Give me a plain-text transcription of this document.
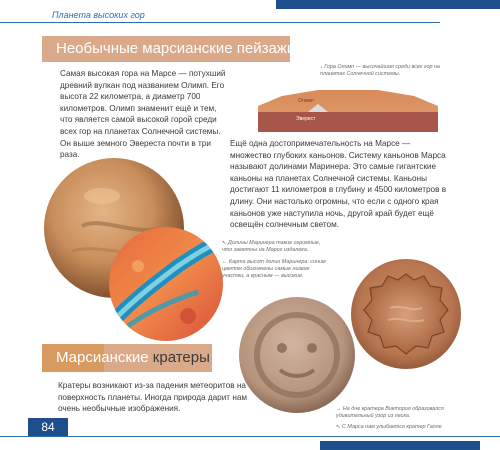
Планета высоких гор
Необычные марсианские пейзажи
Самая высокая гора на Марсе — потухший древний вулкан под названием Олимп. Его высота 22 километра, а диаметр 700 километров. Олимп знаменит ещё и тем, что является самой высокой горой среди всех гор на планетах Солнечной системы. Он выше земного Эвереста почти в три раза.
↓ Гора Олимп — высочайшая среди всех гор на планетах Солнечной системы.
Олимп
Эверест
Ещё одна достопримечательность на Марсе — множество глубоких каньонов. Систему каньонов Марса называют долинами Маринера. Это самые гигантские каньоны на планетах Солнечной системы. Каньоны достигают 11 километров в глубину и 4500 километров в длину. Они настолько огромны, что если с одного края каньонов уже наступила ночь, другой край будет ещё освещён солнечным светом.
↖ Долины Маринера такие огромные, что заметны на Марсе издалека.
← Карта высот долин Маринера: синим цветом обозначены самые низкие участки, а красным — высокие.
Марсианские кратеры
Кратеры возникают из-за падения метеоритов на поверхность планеты. Иногда природа дарит нам очень необычные изображения.	→ На дне кратера Виктория образовался удивительный узор из песка.
↖ С Марса нам улыбается кратер Галле
84
